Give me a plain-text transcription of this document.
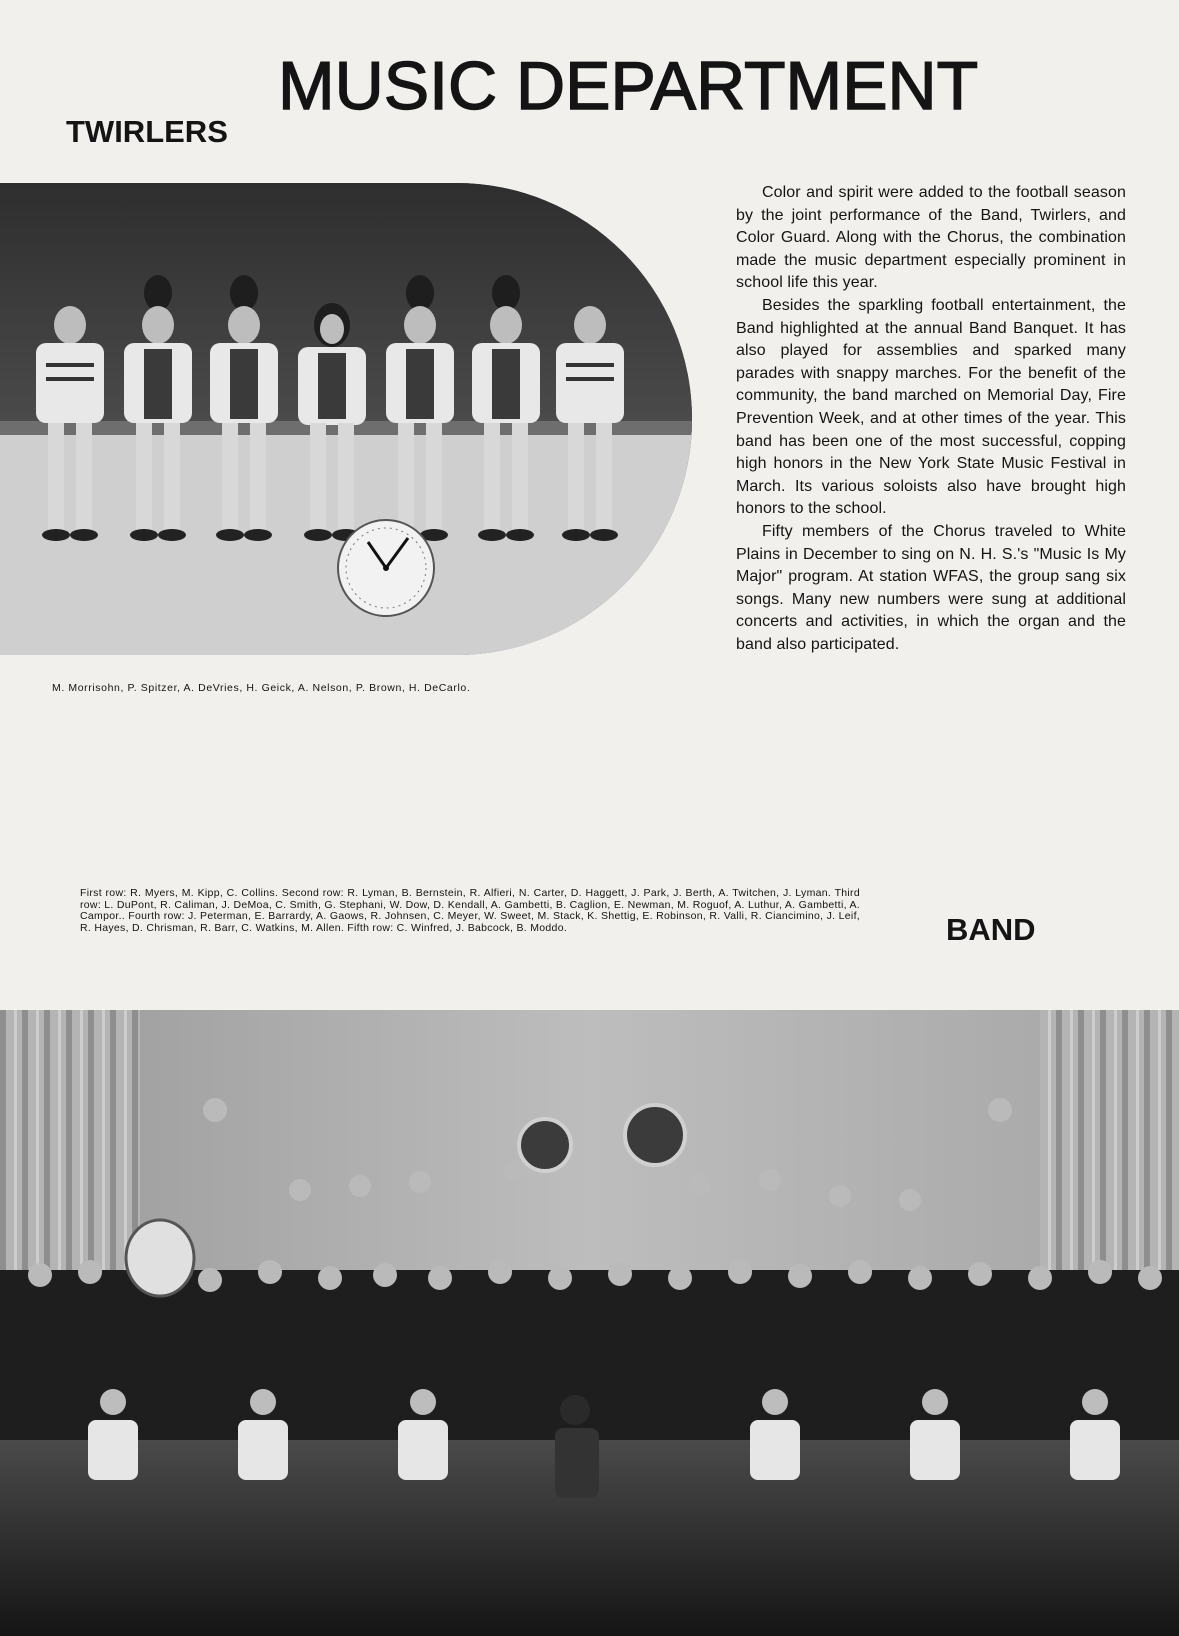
MUSIC DEPARTMENT
TWIRLERS

M. Morrisohn, P. Spitzer, A. DeVries, H. Geick, A. Nelson, P. Brown, H. DeCarlo.

Color and spirit were added to the football season by the joint performance of the Band, Twirlers, and Color Guard. Along with the Chorus, the combination made the music department especially prominent in school life this year.

Besides the sparkling football entertainment, the Band highlighted at the annual Band Banquet. It has also played for assemblies and sparked many parades with snappy marches. For the benefit of the community, the band marched on Memorial Day, Fire Prevention Week, and at other times of the year. This band has been one of the most successful, copping high honors in the New York State Music Festival in March. Its various soloists also have brought high honors to the school.

Fifty members of the Chorus traveled to White Plains in December to sing on N. H. S.'s "Music Is My Major" program. At station WFAS, the group sang six songs. Many new numbers were sung at additional concerts and activities, in which the organ and the band also participated.

First row: R. Myers, M. Kipp, C. Collins. Second row: R. Lyman, B. Bernstein, R. Alfieri, N. Carter, D. Haggett, J. Park, J. Berth, A. Twitchen, J. Lyman. Third row: L. DuPont, R. Caliman, J. DeMoa, C. Smith, G. Stephani, W. Dow, D. Kendall, A. Gambetti, B. Caglion, E. Newman, M. Roguof, A. Luthur, A. Gambetti, A. Campor.. Fourth row: J. Peterman, E. Barrardy, A. Gaows, R. Johnsen, C. Meyer, W. Sweet, M. Stack, K. Shettig, E. Robinson, R. Valli, R. Ciancimino, J. Leif, R. Hayes, D. Chrisman, R. Barr, C. Watkins, M. Allen. Fifth row: C. Winfred, J. Babcock, B. Moddo.	BAND
